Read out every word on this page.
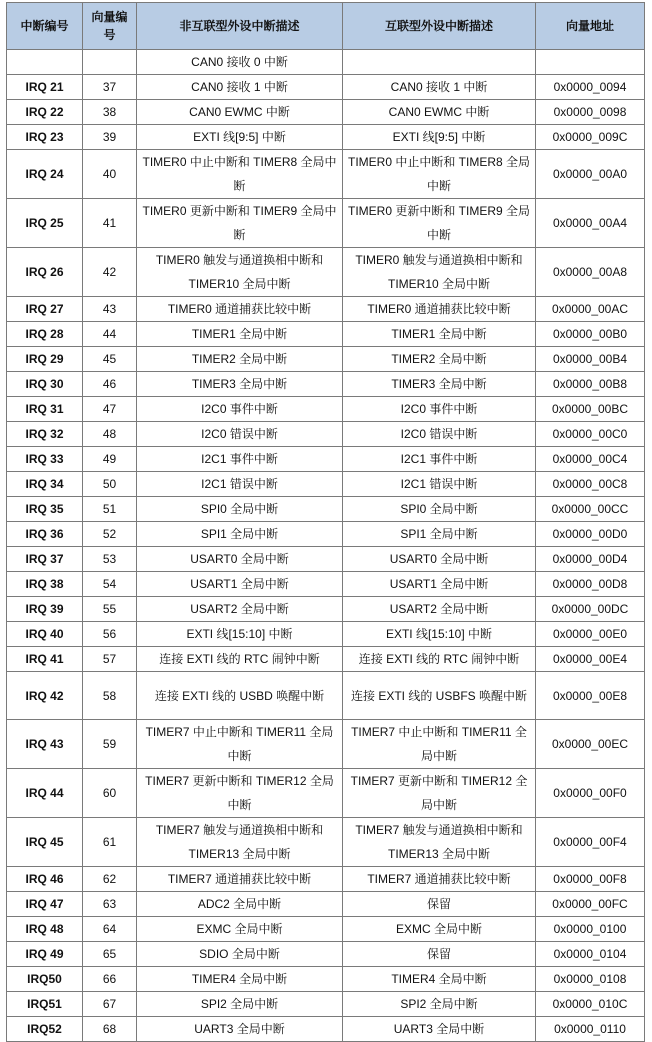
中断编号	向量编号	非互联型外设中断描述	互联型外设中断描述	向量地址
		CAN0 接收 0 中断		
IRQ 21	37	CAN0 接收 1 中断	CAN0 接收 1 中断	0x0000_0094
IRQ 22	38	CAN0 EWMC 中断	CAN0 EWMC 中断	0x0000_0098
IRQ 23	39	EXTI 线[9:5] 中断	EXTI 线[9:5] 中断	0x0000_009C
IRQ 24	40	TIMER0 中止中断和 TIMER8 全局中断	TIMER0 中止中断和 TIMER8 全局中断	0x0000_00A0
IRQ 25	41	TIMER0 更新中断和 TIMER9 全局中断	TIMER0 更新中断和 TIMER9 全局中断	0x0000_00A4
IRQ 26	42	TIMER0 触发与通道换相中断和 TIMER10 全局中断	TIMER0 触发与通道换相中断和 TIMER10 全局中断	0x0000_00A8
IRQ 27	43	TIMER0 通道捕获比较中断	TIMER0 通道捕获比较中断	0x0000_00AC
IRQ 28	44	TIMER1 全局中断	TIMER1 全局中断	0x0000_00B0
IRQ 29	45	TIMER2 全局中断	TIMER2 全局中断	0x0000_00B4
IRQ 30	46	TIMER3 全局中断	TIMER3 全局中断	0x0000_00B8
IRQ 31	47	I2C0 事件中断	I2C0 事件中断	0x0000_00BC
IRQ 32	48	I2C0 错误中断	I2C0 错误中断	0x0000_00C0
IRQ 33	49	I2C1 事件中断	I2C1 事件中断	0x0000_00C4
IRQ 34	50	I2C1 错误中断	I2C1 错误中断	0x0000_00C8
IRQ 35	51	SPI0 全局中断	SPI0 全局中断	0x0000_00CC
IRQ 36	52	SPI1 全局中断	SPI1 全局中断	0x0000_00D0
IRQ 37	53	USART0 全局中断	USART0 全局中断	0x0000_00D4
IRQ 38	54	USART1 全局中断	USART1 全局中断	0x0000_00D8
IRQ 39	55	USART2 全局中断	USART2 全局中断	0x0000_00DC
IRQ 40	56	EXTI 线[15:10] 中断	EXTI 线[15:10] 中断	0x0000_00E0
IRQ 41	57	连接 EXTI 线的 RTC 闹钟中断	连接 EXTI 线的 RTC 闹钟中断	0x0000_00E4
IRQ 42	58	连接 EXTI 线的 USBD 唤醒中断	连接 EXTI 线的 USBFS 唤醒中断	0x0000_00E8
IRQ 43	59	TIMER7 中止中断和 TIMER11 全局中断	TIMER7 中止中断和 TIMER11 全局中断	0x0000_00EC
IRQ 44	60	TIMER7 更新中断和 TIMER12 全局中断	TIMER7 更新中断和 TIMER12 全局中断	0x0000_00F0
IRQ 45	61	TIMER7 触发与通道换相中断和 TIMER13 全局中断	TIMER7 触发与通道换相中断和 TIMER13 全局中断	0x0000_00F4
IRQ 46	62	TIMER7 通道捕获比较中断	TIMER7 通道捕获比较中断	0x0000_00F8
IRQ 47	63	ADC2 全局中断	保留	0x0000_00FC
IRQ 48	64	EXMC 全局中断	EXMC 全局中断	0x0000_0100
IRQ 49	65	SDIO 全局中断	保留	0x0000_0104
IRQ50	66	TIMER4 全局中断	TIMER4 全局中断	0x0000_0108
IRQ51	67	SPI2 全局中断	SPI2 全局中断	0x0000_010C
IRQ52	68	UART3 全局中断	UART3 全局中断	0x0000_0110
